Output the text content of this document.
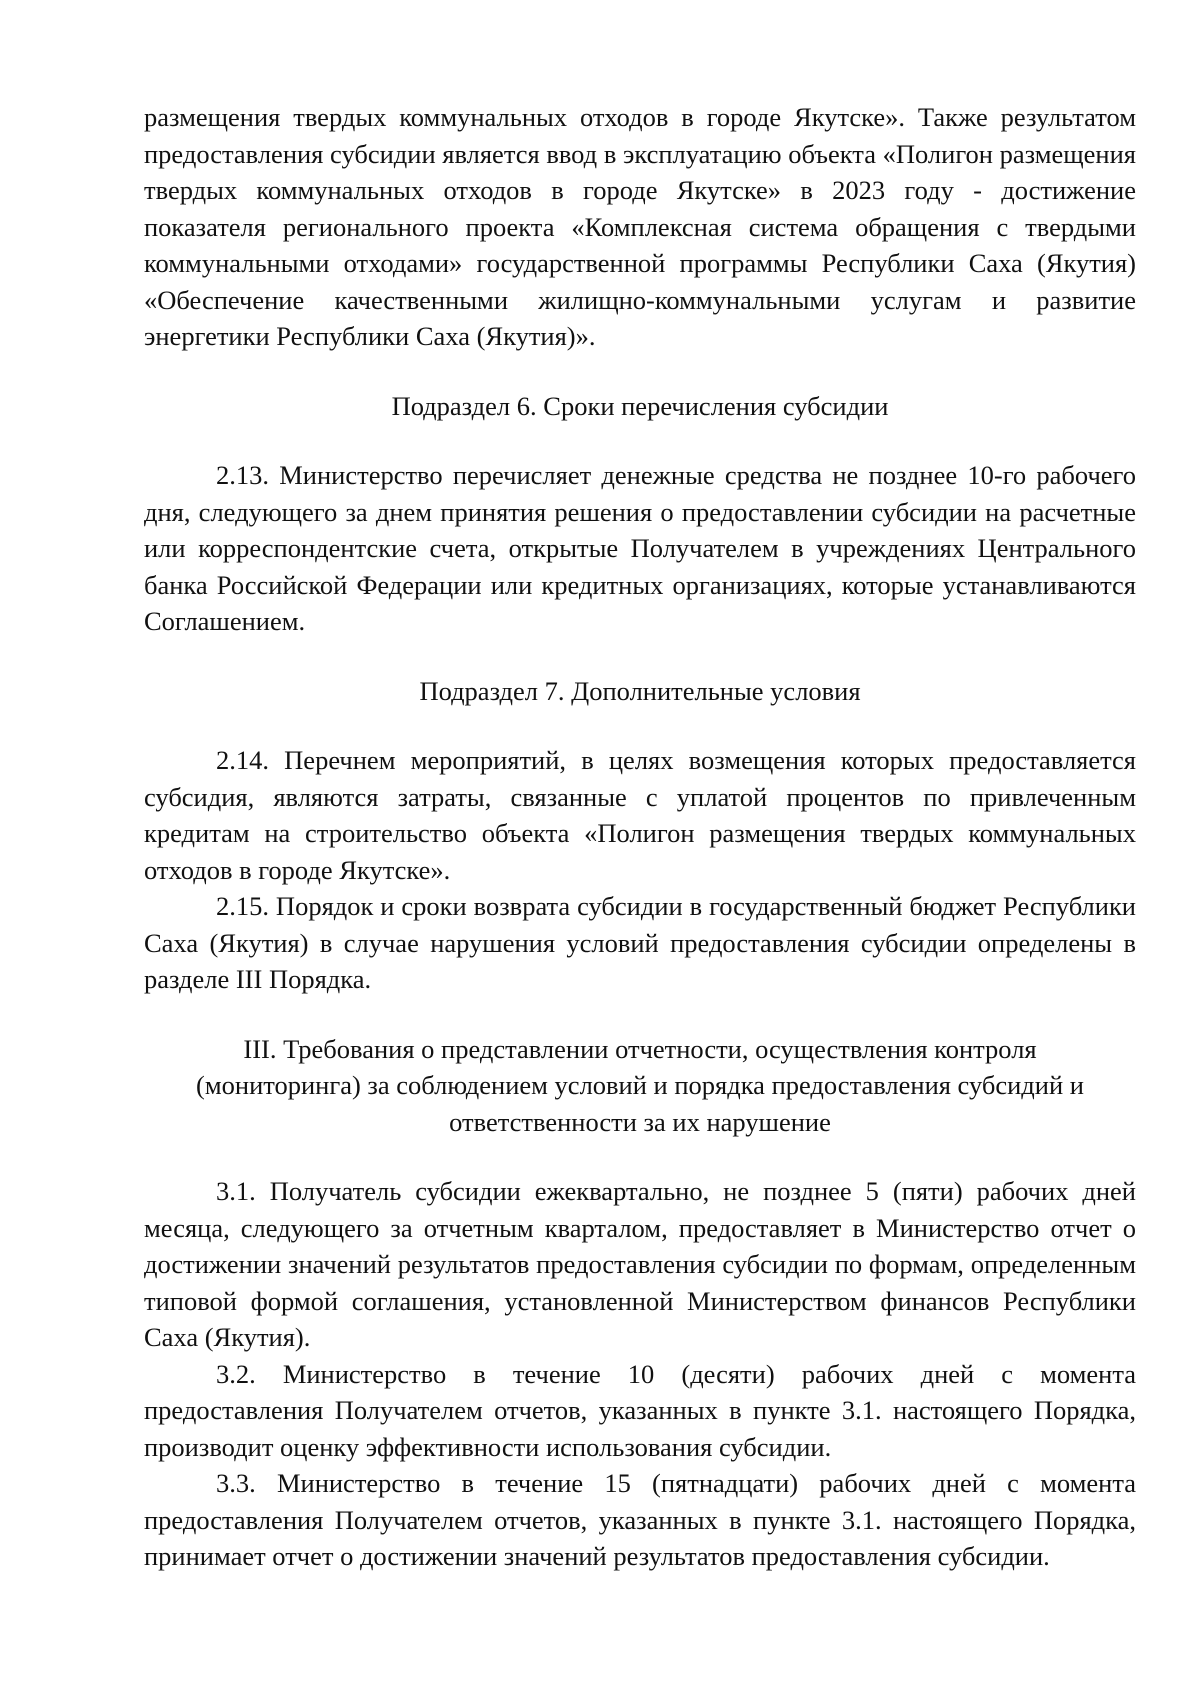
размещения твердых коммунальных отходов в городе Якутске». Также результатом предоставления субсидии является ввод в эксплуатацию объекта «Полигон размещения твердых коммунальных отходов в городе Якутске» в 2023 году - достижение показателя регионального проекта «Комплексная система обращения с твердыми коммунальными отходами» государственной программы Республики Саха (Якутия) «Обеспечение качественными жилищно-коммунальными услугам и развитие энергетики Республики Саха (Якутия)».

Подраздел 6. Сроки перечисления субсидии

2.13. Министерство перечисляет денежные средства не позднее 10-го рабочего дня, следующего за днем принятия решения о предоставлении субсидии на расчетные или корреспондентские счета, открытые Получателем в учреждениях Центрального банка Российской Федерации или кредитных организациях, которые устанавливаются Соглашением.

Подраздел 7. Дополнительные условия

2.14. Перечнем мероприятий, в целях возмещения которых предоставляется субсидия, являются затраты, связанные с уплатой процентов по привлеченным кредитам на строительство объекта «Полигон размещения твердых коммунальных отходов в городе Якутске».

2.15. Порядок и сроки возврата субсидии в государственный бюджет Республики Саха (Якутия) в случае нарушения условий предоставления субсидии определены в разделе III Порядка.

III. Требования о представлении отчетности, осуществления контроля
(мониторинга) за соблюдением условий и порядка предоставления субсидий и
ответственности за их нарушение

3.1. Получатель субсидии ежеквартально, не позднее 5 (пяти) рабочих дней месяца, следующего за отчетным кварталом, предоставляет в Министерство отчет о достижении значений результатов предоставления субсидии по формам, определенным типовой формой соглашения, установленной Министерством финансов Республики Саха (Якутия).

3.2. Министерство в течение 10 (десяти) рабочих дней с момента предоставления Получателем отчетов, указанных в пункте 3.1. настоящего Порядка, производит оценку эффективности использования субсидии.

3.3. Министерство в течение 15 (пятнадцати) рабочих дней с момента предоставления Получателем отчетов, указанных в пункте 3.1. настоящего Порядка, принимает отчет о достижении значений результатов предоставления субсидии.
